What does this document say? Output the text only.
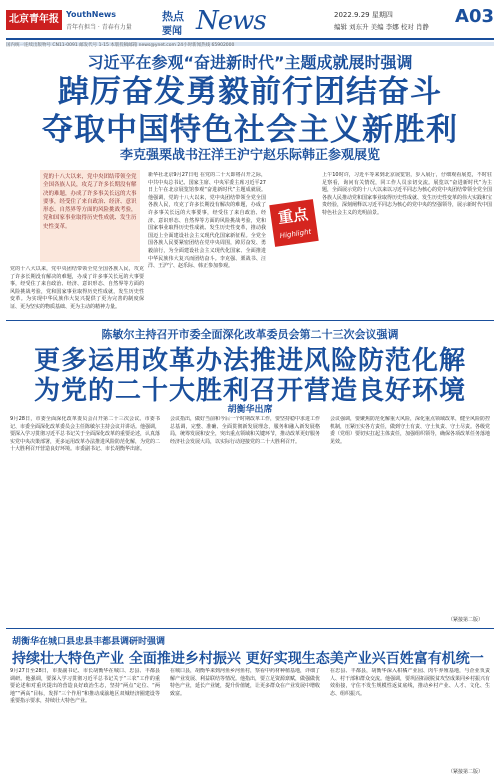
北京青年报 YouthNews
青年有担当 · 青春有力量
热点
要闻 News	2022.9.29 星期四	A03
编辑 刘东升 美编 李娜 校对 肖静
国内统一连续出版物号 CN11-0091 邮发代号 1-15 本版投稿邮箱 news@ynet.com 24小时新闻热线 65902000
习近平在参观“奋进新时代”主题成就展时强调
踔厉奋发勇毅前行团结奋斗
夺取中国特色社会主义新胜利
李克强栗战书汪洋王沪宁赵乐际韩正参观展览
党的十八大以来，党中央团结带领全党全国各族人民，攻克了许多长期没有解决的难题，办成了许多事关长远的大事要事，经受住了来自政治、经济、意识形态、自然界等方面的风险挑战考验，党和国家事业取得历史性成就、发生历史性变革。
新华社北京9月27日电 在党的二十大即将召开之际，中共中央总书记、国家主席、中央军委主席习近平27日上午在北京展览馆参观“奋进新时代”主题成就展。他强调，党的十八大以来，党中央团结带领全党全国各族人民，攻克了许多长期没有解决的难题，办成了许多事关长远的大事要事，经受住了来自政治、经济、意识形态、自然界等方面的风险挑战考验，党和国家事业取得历史性成就、发生历史性变革，推动我国迈上全面建设社会主义现代化国家新征程。全党全国各族人民要紧密团结在党中央周围，踔厉奋发、勇毅前行，为全面建设社会主义现代化国家、全面推进中华民族伟大复兴而团结奋斗。李克强、栗战书、汪洋、王沪宁、赵乐际、韩正参加参观。
上午10时许，习近平等来到北京展览馆，步入展厅，仔细观看展览，不时驻足察看，询问有关情况，同工作人员亲切交流。展览以“奋进新时代”为主题，全面展示党的十八大以来以习近平同志为核心的党中央团结带领全党全国各族人民推动党和国家事业取得历史性成就、发生历史性变革的伟大实践和宝贵经验，深刻阐释以习近平同志为核心的党中央的坚强领导，展示新时代中国特色社会主义的光明前景。
党的十八大以来，党中央团结带领全党全国各族人民，攻克了许多长期没有解决的难题，办成了许多事关长远的大事要事，经受住了来自政治、经济、意识形态、自然界等方面的风险挑战考验，党和国家事业取得历史性成就，发生历史性变革。为实现中华民族伟大复兴提供了更为完善的制度保证、更为坚实的物质基础、更为主动的精神力量。
重点
Highlight
陈敏尔主持召开市委全面深化改革委员会第二十三次会议强调
更多运用改革办法推进风险防范化解
为党的二十大胜利召开营造良好环境
胡衡华出席
9月28日，市委全面深化改革委员会召开第二十三次会议。市委书记、市委全面深化改革委员会主任陈敏尔主持会议并讲话。他强调，要深入学习贯彻习近平总书记关于全面深化改革的重要论述，认真落实党中央决策部署，更多运用改革办法推进风险防范化解，为党的二十大胜利召开营造良好环境。市委副书记、市长胡衡华出席。
会议指出，做好当前和今后一个时期改革工作，要坚持稳中求进工作总基调，完整、准确、全面贯彻新发展理念，服务和融入新发展格局，统筹发展和安全，突出重点领域和关键环节，推动改革更好服务经济社会发展大局，以实际行动迎接党的二十大胜利召开。
会议强调，要聚焦防范化解重大风险，深化重点领域改革，健全风险防控机制，压紧压实各方责任，做到守土有责、守土负责、守土尽责。各级党委（党组）要切实扛起主体责任，加强组织领导，确保各项改革任务落地见效。
（紧接第二版）
胡衡华在城口县忠县丰都县调研时强调
持续壮大特色产业 全面推进乡村振兴 更好实现生态美产业兴百姓富有机统一
9月27日至28日，市委副书记、市长胡衡华在城口、忠县、丰都县调研。他强调，要深入学习贯彻习近平总书记关于“三农”工作的重要论述和对重庆提出的营造良好政治生态，坚持“两点”定位、“两地”“两高”目标，发挥“三个作用”和推动成渝地区双城经济圈建设等重要指示要求，持续壮大特色产业。
在城口县，胡衡华来到河鱼乡河鱼村，察看中药材种植基地，详细了解产业发展、利益联结等情况。他指出，要立足资源禀赋，做强做优特色产业，延长产业链，提升价值链，让更多群众在产业发展中增收致富。
在忠县、丰都县，胡衡华深入柑橘产业园、肉牛养殖基地，与企业负责人、村干部和群众交流。他强调，要巩固拓展脱贫攻坚成果同乡村振兴有效衔接，守住不发生规模性返贫底线，推动乡村产业、人才、文化、生态、组织振兴。
（紧接第二版）
